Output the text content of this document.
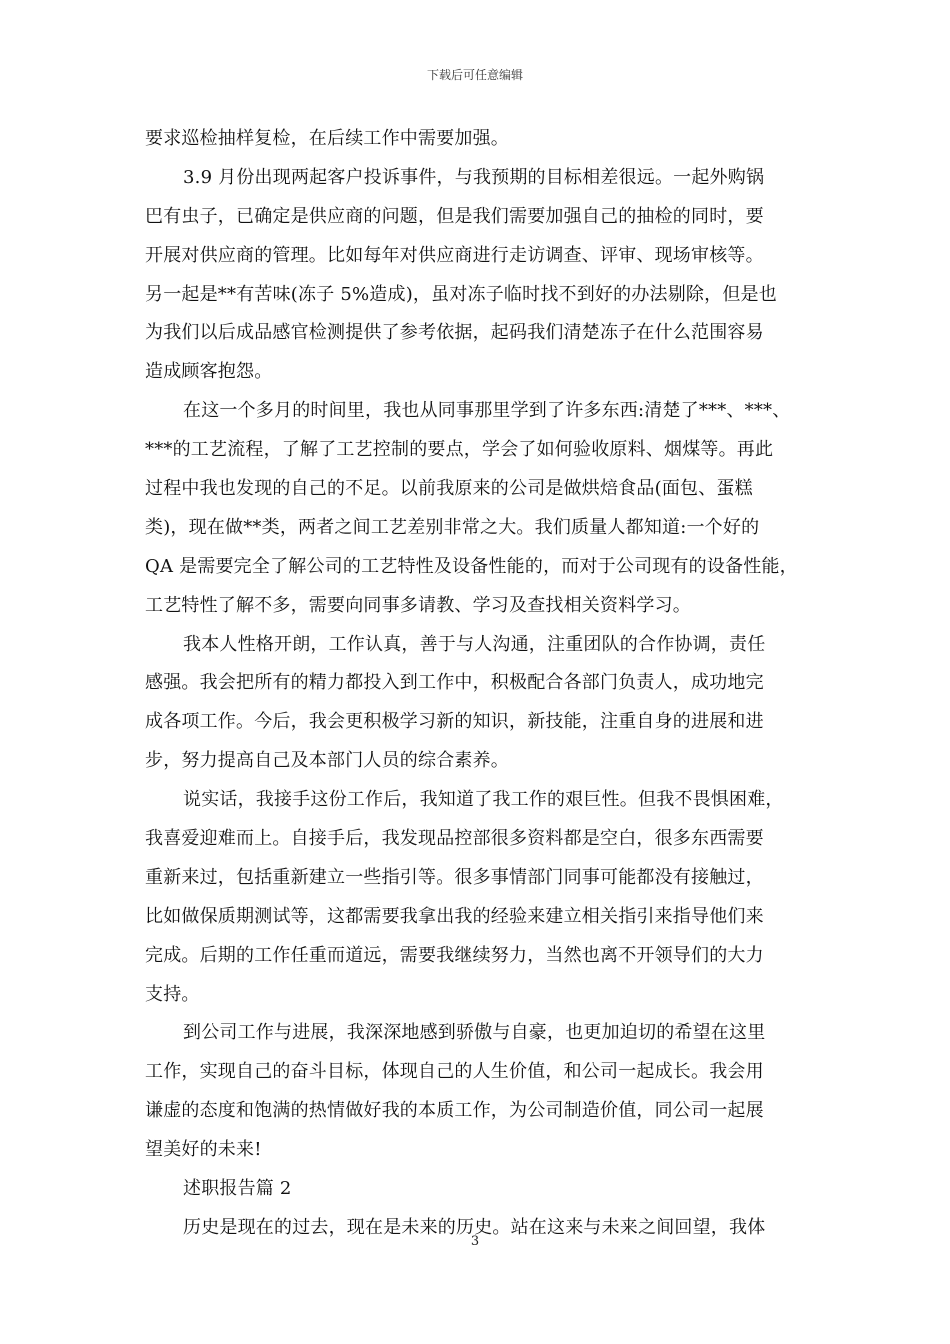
下载后可任意编辑
要求巡检抽样复检，在后续工作中需要加强。
3.9 月份出现两起客户投诉事件，与我预期的目标相差很远。一起外购锅
巴有虫子，已确定是供应商的问题，但是我们需要加强自己的抽检的同时，要
开展对供应商的管理。比如每年对供应商进行走访调查、评审、现场审核等。
另一起是**有苦味(冻子 5%造成)，虽对冻子临时找不到好的办法剔除，但是也
为我们以后成品感官检测提供了参考依据，起码我们清楚冻子在什么范围容易
造成顾客抱怨。
在这一个多月的时间里，我也从同事那里学到了许多东西:清楚了***、***、
***的工艺流程，了解了工艺控制的要点，学会了如何验收原料、烟煤等。再此
过程中我也发现的自己的不足。以前我原来的公司是做烘焙食品(面包、蛋糕
类)，现在做**类，两者之间工艺差别非常之大。我们质量人都知道:一个好的
QA 是需要完全了解公司的工艺特性及设备性能的，而对于公司现有的设备性能，
工艺特性了解不多，需要向同事多请教、学习及查找相关资料学习。
我本人性格开朗，工作认真，善于与人沟通，注重团队的合作协调，责任
感强。我会把所有的精力都投入到工作中，积极配合各部门负责人，成功地完
成各项工作。今后，我会更积极学习新的知识，新技能，注重自身的进展和进
步，努力提高自己及本部门人员的综合素养。
说实话，我接手这份工作后，我知道了我工作的艰巨性。但我不畏惧困难，
我喜爱迎难而上。自接手后，我发现品控部很多资料都是空白，很多东西需要
重新来过，包括重新建立一些指引等。很多事情部门同事可能都没有接触过，
比如做保质期测试等，这都需要我拿出我的经验来建立相关指引来指导他们来
完成。后期的工作任重而道远，需要我继续努力，当然也离不开领导们的大力
支持。
到公司工作与进展，我深深地感到骄傲与自豪，也更加迫切的希望在这里
工作，实现自己的奋斗目标，体现自己的人生价值，和公司一起成长。我会用
谦虚的态度和饱满的热情做好我的本质工作，为公司制造价值，同公司一起展
望美好的未来!
述职报告篇 2
历史是现在的过去，现在是未来的历史。站在这来与未来之间回望，我体
3
